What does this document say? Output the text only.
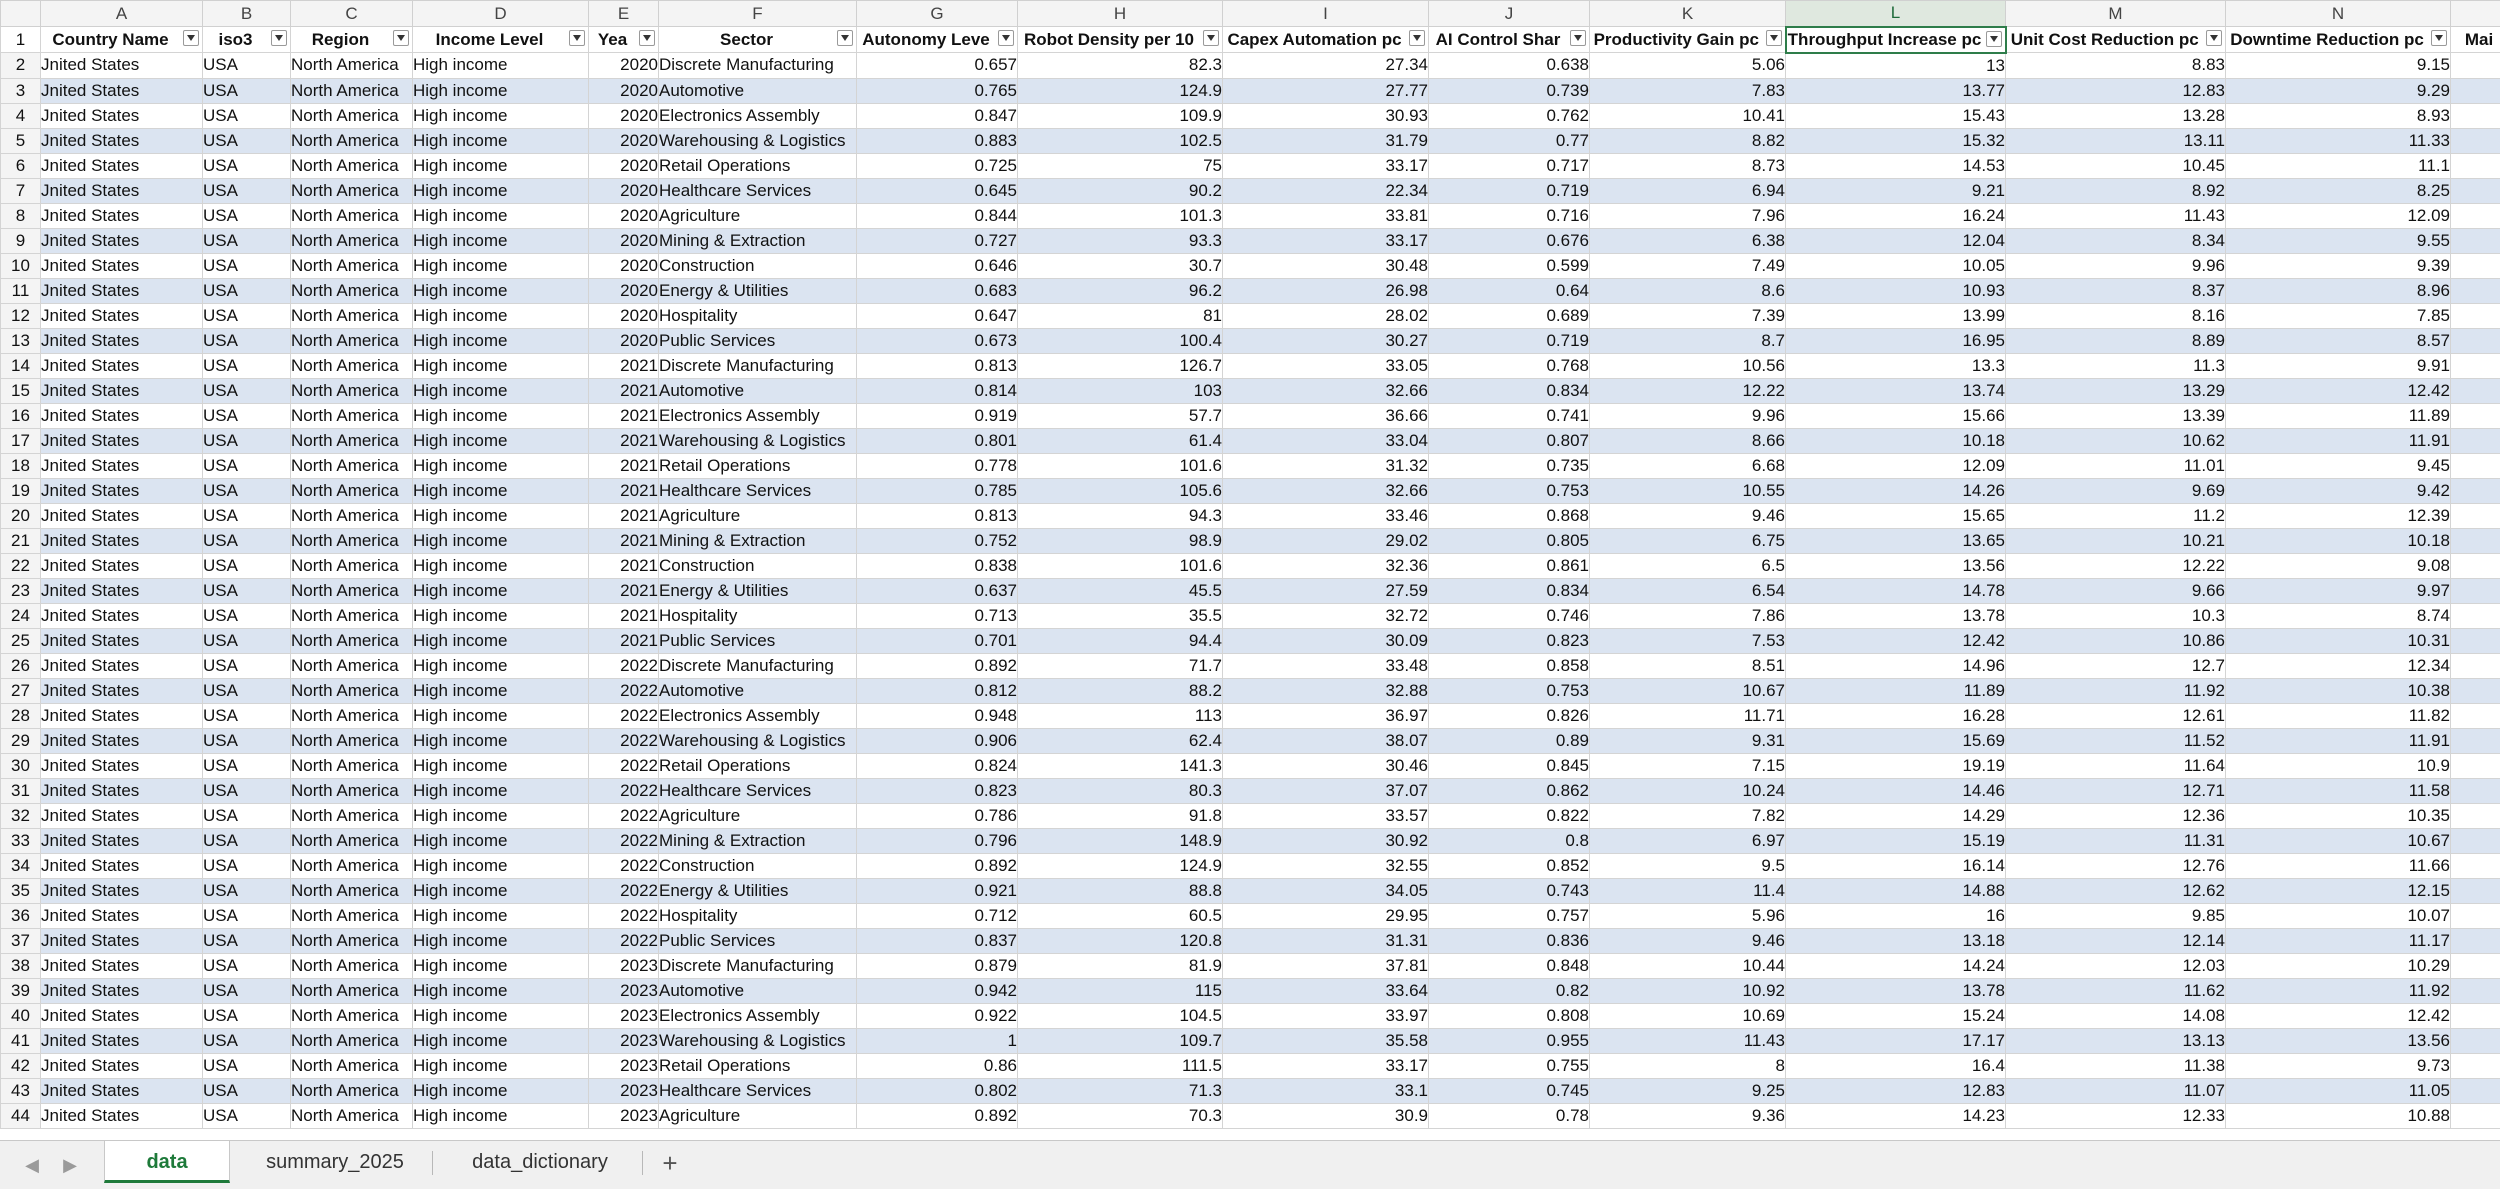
	A	B	C	D	E	F	G	H	I	J	K	L	M	N	
1	Country Name	iso3	Region	Income Level	Yea	Sector	Autonomy Leve	Robot Density per 10	Capex Automation pc	AI Control Shar	Productivity Gain pc	Throughput Increase pc	Unit Cost Reduction pc	Downtime Reduction pc	Mai
2	Jnited States	USA	North America	High income	2020	Discrete Manufacturing	0.657	82.3	27.34	0.638	5.06	13	8.83	9.15	
3	Jnited States	USA	North America	High income	2020	Automotive	0.765	124.9	27.77	0.739	7.83	13.77	12.83	9.29	
4	Jnited States	USA	North America	High income	2020	Electronics Assembly	0.847	109.9	30.93	0.762	10.41	15.43	13.28	8.93	
5	Jnited States	USA	North America	High income	2020	Warehousing & Logistics	0.883	102.5	31.79	0.77	8.82	15.32	13.11	11.33	
6	Jnited States	USA	North America	High income	2020	Retail Operations	0.725	75	33.17	0.717	8.73	14.53	10.45	11.1	
7	Jnited States	USA	North America	High income	2020	Healthcare Services	0.645	90.2	22.34	0.719	6.94	9.21	8.92	8.25	
8	Jnited States	USA	North America	High income	2020	Agriculture	0.844	101.3	33.81	0.716	7.96	16.24	11.43	12.09	
9	Jnited States	USA	North America	High income	2020	Mining & Extraction	0.727	93.3	33.17	0.676	6.38	12.04	8.34	9.55	
10	Jnited States	USA	North America	High income	2020	Construction	0.646	30.7	30.48	0.599	7.49	10.05	9.96	9.39	
11	Jnited States	USA	North America	High income	2020	Energy & Utilities	0.683	96.2	26.98	0.64	8.6	10.93	8.37	8.96	
12	Jnited States	USA	North America	High income	2020	Hospitality	0.647	81	28.02	0.689	7.39	13.99	8.16	7.85	
13	Jnited States	USA	North America	High income	2020	Public Services	0.673	100.4	30.27	0.719	8.7	16.95	8.89	8.57	
14	Jnited States	USA	North America	High income	2021	Discrete Manufacturing	0.813	126.7	33.05	0.768	10.56	13.3	11.3	9.91	
15	Jnited States	USA	North America	High income	2021	Automotive	0.814	103	32.66	0.834	12.22	13.74	13.29	12.42	
16	Jnited States	USA	North America	High income	2021	Electronics Assembly	0.919	57.7	36.66	0.741	9.96	15.66	13.39	11.89	
17	Jnited States	USA	North America	High income	2021	Warehousing & Logistics	0.801	61.4	33.04	0.807	8.66	10.18	10.62	11.91	
18	Jnited States	USA	North America	High income	2021	Retail Operations	0.778	101.6	31.32	0.735	6.68	12.09	11.01	9.45	
19	Jnited States	USA	North America	High income	2021	Healthcare Services	0.785	105.6	32.66	0.753	10.55	14.26	9.69	9.42	
20	Jnited States	USA	North America	High income	2021	Agriculture	0.813	94.3	33.46	0.868	9.46	15.65	11.2	12.39	
21	Jnited States	USA	North America	High income	2021	Mining & Extraction	0.752	98.9	29.02	0.805	6.75	13.65	10.21	10.18	
22	Jnited States	USA	North America	High income	2021	Construction	0.838	101.6	32.36	0.861	6.5	13.56	12.22	9.08	
23	Jnited States	USA	North America	High income	2021	Energy & Utilities	0.637	45.5	27.59	0.834	6.54	14.78	9.66	9.97	
24	Jnited States	USA	North America	High income	2021	Hospitality	0.713	35.5	32.72	0.746	7.86	13.78	10.3	8.74	
25	Jnited States	USA	North America	High income	2021	Public Services	0.701	94.4	30.09	0.823	7.53	12.42	10.86	10.31	
26	Jnited States	USA	North America	High income	2022	Discrete Manufacturing	0.892	71.7	33.48	0.858	8.51	14.96	12.7	12.34	
27	Jnited States	USA	North America	High income	2022	Automotive	0.812	88.2	32.88	0.753	10.67	11.89	11.92	10.38	
28	Jnited States	USA	North America	High income	2022	Electronics Assembly	0.948	113	36.97	0.826	11.71	16.28	12.61	11.82	
29	Jnited States	USA	North America	High income	2022	Warehousing & Logistics	0.906	62.4	38.07	0.89	9.31	15.69	11.52	11.91	
30	Jnited States	USA	North America	High income	2022	Retail Operations	0.824	141.3	30.46	0.845	7.15	19.19	11.64	10.9	
31	Jnited States	USA	North America	High income	2022	Healthcare Services	0.823	80.3	37.07	0.862	10.24	14.46	12.71	11.58	
32	Jnited States	USA	North America	High income	2022	Agriculture	0.786	91.8	33.57	0.822	7.82	14.29	12.36	10.35	
33	Jnited States	USA	North America	High income	2022	Mining & Extraction	0.796	148.9	30.92	0.8	6.97	15.19	11.31	10.67	
34	Jnited States	USA	North America	High income	2022	Construction	0.892	124.9	32.55	0.852	9.5	16.14	12.76	11.66	
35	Jnited States	USA	North America	High income	2022	Energy & Utilities	0.921	88.8	34.05	0.743	11.4	14.88	12.62	12.15	
36	Jnited States	USA	North America	High income	2022	Hospitality	0.712	60.5	29.95	0.757	5.96	16	9.85	10.07	
37	Jnited States	USA	North America	High income	2022	Public Services	0.837	120.8	31.31	0.836	9.46	13.18	12.14	11.17	
38	Jnited States	USA	North America	High income	2023	Discrete Manufacturing	0.879	81.9	37.81	0.848	10.44	14.24	12.03	10.29	
39	Jnited States	USA	North America	High income	2023	Automotive	0.942	115	33.64	0.82	10.92	13.78	11.62	11.92	
40	Jnited States	USA	North America	High income	2023	Electronics Assembly	0.922	104.5	33.97	0.808	10.69	15.24	14.08	12.42	
41	Jnited States	USA	North America	High income	2023	Warehousing & Logistics	1	109.7	35.58	0.955	11.43	17.17	13.13	13.56	
42	Jnited States	USA	North America	High income	2023	Retail Operations	0.86	111.5	33.17	0.755	8	16.4	11.38	9.73	
43	Jnited States	USA	North America	High income	2023	Healthcare Services	0.802	71.3	33.1	0.745	9.25	12.83	11.07	11.05	
44	Jnited States	USA	North America	High income	2023	Agriculture	0.892	70.3	30.9	0.78	9.36	14.23	12.33	10.88	
◀ ▶	data	summary_2025	data_dictionary	+
